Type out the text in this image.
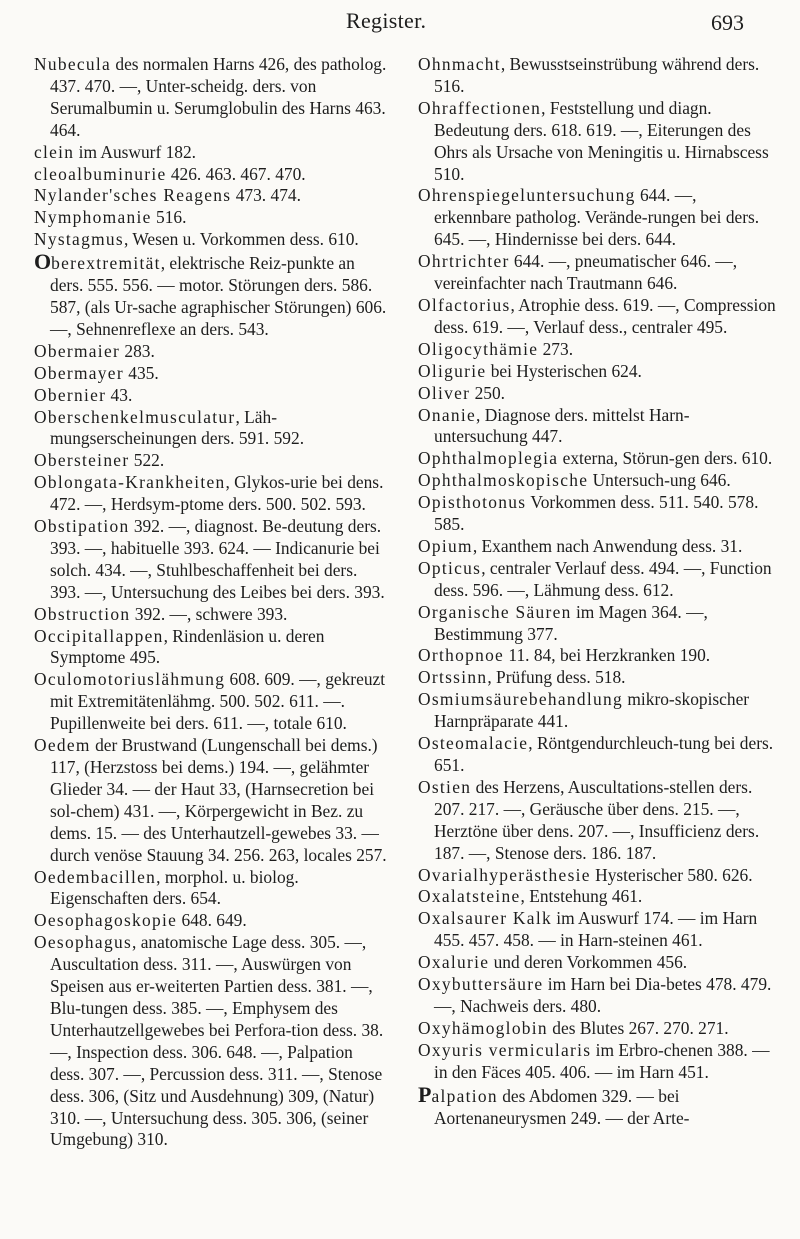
Register.	693

Nubecula des normalen Harns 426, des patholog. 437. 470. —, Unter-scheidg. ders. von Serumalbumin u. Serumglobulin des Harns 463. 464.

clein im Auswurf 182.

cleoalbuminurie 426. 463. 467. 470.

Nylander'sches Reagens 473. 474.

Nymphomanie 516.

Nystagmus, Wesen u. Vorkommen dess. 610.

Oberextremität, elektrische Reiz-punkte an ders. 555. 556. — motor. Störungen ders. 586. 587, (als Ur-sache agraphischer Störungen) 606. —, Sehnenreflexe an ders. 543.

Obermaier 283.

Obermayer 435.

Obernier 43.

Oberschenkelmusculatur, Läh-mungserscheinungen ders. 591. 592.

Obersteiner 522.

Oblongata-Krankheiten, Glykos-urie bei dens. 472. —, Herdsym-ptome ders. 500. 502. 593.

Obstipation 392. —, diagnost. Be-deutung ders. 393. —, habituelle 393. 624. — Indicanurie bei solch. 434. —, Stuhlbeschaffenheit bei ders. 393. —, Untersuchung des Leibes bei ders. 393.

Obstruction 392. —, schwere 393.

Occipitallappen, Rindenläsion u. deren Symptome 495.

Oculomotoriuslähmung 608. 609. —, gekreuzt mit Extremitätenlähmg. 500. 502. 611. —. Pupillenweite bei ders. 611. —, totale 610.

Oedem der Brustwand (Lungenschall bei dems.) 117, (Herzstoss bei dems.) 194. —, gelähmter Glieder 34. — der Haut 33, (Harnsecretion bei sol-chem) 431. —, Körpergewicht in Bez. zu dems. 15. — des Unterhautzell-gewebes 33. — durch venöse Stauung 34. 256. 263, locales 257.

Oedembacillen, morphol. u. biolog. Eigenschaften ders. 654.

Oesophagoskopie 648. 649.

Oesophagus, anatomische Lage dess. 305. —, Auscultation dess. 311. —, Auswürgen von Speisen aus er-weiterten Partien dess. 381. —, Blu-tungen dess. 385. —, Emphysem des Unterhautzellgewebes bei Perfora-tion dess. 38. —, Inspection dess. 306. 648. —, Palpation dess. 307. —, Percussion dess. 311. —, Stenose dess. 306, (Sitz und Ausdehnung) 309, (Natur) 310. —, Untersuchung dess. 305. 306, (seiner Umgebung) 310.

Ohnmacht, Bewusstseinstrübung während ders. 516.

Ohraffectionen, Feststellung und diagn. Bedeutung ders. 618. 619. —, Eiterungen des Ohrs als Ursache von Meningitis u. Hirnabscess 510.

Ohrenspiegeluntersuchung 644. —, erkennbare patholog. Verände-rungen bei ders. 645. —, Hindernisse bei ders. 644.

Ohrtrichter 644. —, pneumatischer 646. —, vereinfachter nach Trautmann 646.

Olfactorius, Atrophie dess. 619. —, Compression dess. 619. —, Verlauf dess., centraler 495.

Oligocythämie 273.

Oligurie bei Hysterischen 624.

Oliver 250.

Onanie, Diagnose ders. mittelst Harn-untersuchung 447.

Ophthalmoplegia externa, Störun-gen ders. 610.

Ophthalmoskopische Untersuch-ung 646.

Opisthotonus Vorkommen dess. 511. 540. 578. 585.

Opium, Exanthem nach Anwendung dess. 31.

Opticus, centraler Verlauf dess. 494. —, Function dess. 596. —, Lähmung dess. 612.

Organische Säuren im Magen 364. —, Bestimmung 377.

Orthopnoe 11. 84, bei Herzkranken 190.

Ortssinn, Prüfung dess. 518.

Osmiumsäurebehandlung mikro-skopischer Harnpräparate 441.

Osteomalacie, Röntgendurchleuch-tung bei ders. 651.

Ostien des Herzens, Auscultations-stellen ders. 207. 217. —, Geräusche über dens. 215. —, Herztöne über dens. 207. —, Insufficienz ders. 187. —, Stenose ders. 186. 187.

Ovarialhyperästhesie Hysterischer 580. 626.

Oxalatsteine, Entstehung 461.

Oxalsaurer Kalk im Auswurf 174. — im Harn 455. 457. 458. — in Harn-steinen 461.

Oxalurie und deren Vorkommen 456.

Oxybuttersäure im Harn bei Dia-betes 478. 479. —, Nachweis ders. 480.

Oxyhämoglobin des Blutes 267. 270. 271.

Oxyuris vermicularis im Erbro-chenen 388. — in den Fäces 405. 406. — im Harn 451.

Palpation des Abdomen 329. — bei Aortenaneurysmen 249. — der Arte-
